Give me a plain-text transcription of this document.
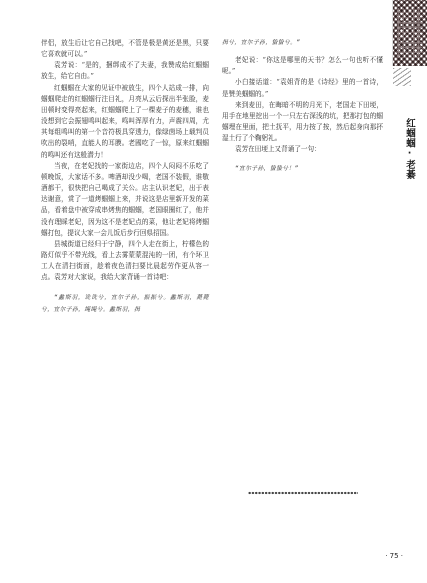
伴侣，放生后让它自己找吧，不管是极是黄还是黑，只要它喜欢就可以。”

袁芳说：“是的，捆绑成不了夫妻，我赞成给红蝈蝈放生，给它自由。”

红蝈蝈在大家的见证中被放生，四个人站成一排，向蝈蝈爬走的红蝈蝈行注目礼，月亮从云后探出半张脸，麦田顿时变得亮起来，红蝈蝈爬上了一棵麦子的麦穗，谁也没想到它会振翅鸣叫起来，鸣叫浑厚有力，声震四周，尤其每组鸣叫的第一个音符极具穿透力，像绿茵场上载判员吹出的裂哨，直能人的耳膜。老國吃了一惊，原来红蝈蝈的鸣叫还有这般潜力！

当夜，在老妃找的一家街边店，四个人闷闷不乐吃了顿晚饭，大家话不多。啤酒却没少喝，老国不装假，谁敬酒都干，很快把自己喝成了关公。店主认识老妃，出于表达谢意，赏了一道烤蝈蝈上来，并说这是店里新开发的菜品，看着盘中被穿成串烤焦的蝈蝈，老国眼圈红了，他并没有理睬老妃，因为这不是老妃点的菜，他让老妃将烤蝈蝈打包，提议大家一会儿饭后步行回県招国。

县城街道已经归于宁静，四个人走在街上，柠檬色的路灯似乎不带光线，看上去雾蒙蒙混沌的一团，有个环卫工人在清扫街面，趁着夜色清扫要比晨起劳作更从容一点。袁芳对大家说，我给大家背诵一首诗吧：

“蠡斯羽，诜诜兮，宜尔子孙，振振兮。蠡斯羽，薨薨兮，宜尔子孙，绳绳兮。蠡斯羽，揖

揖兮，宜尔子孙，蛰蛰兮。”

老妃说：“你这是哪里的天书？怎么一句也听不懂呢。”

小白接话道：“袁姐背的是《诗经》里的一首诗，是赞美蝈蝈的。”

来到麦田，在晦暗不明的月光下，老国走下田埂，用手在地里挖出一个一只左右深浅的坑，把那打包的蝈蝈埋在里面，把土抚平，用力按了按，然后起身向那抔湿土行了个鞠躬礼。

袁芳在田埂上又背诵了一句：

“宜尔子孙，蛰蛰兮！”	红蝈蝈·老綦
· 75 ·
